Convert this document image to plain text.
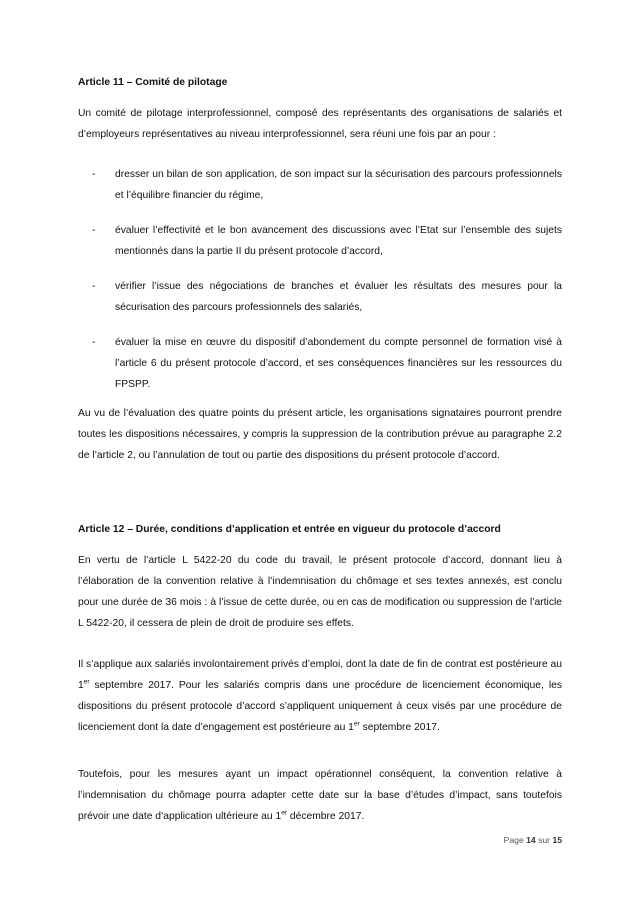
Article 11 – Comité de pilotage

Un comité de pilotage interprofessionnel, composé des représentants des organisations de salariés et d’employeurs représentatives au niveau interprofessionnel, sera réuni une fois par an pour :

- dresser un bilan de son application, de son impact sur la sécurisation des parcours professionnels et l’équilibre financier du régime,

- évaluer l’effectivité et le bon avancement des discussions avec l’Etat sur l’ensemble des sujets mentionnés dans la partie II du présent protocole d’accord,

- vérifier l’issue des négociations de branches et évaluer les résultats des mesures pour la sécurisation des parcours professionnels des salariés,

- évaluer la mise en œuvre du dispositif d’abondement du compte personnel de formation visé à l’article 6 du présent protocole d’accord, et ses conséquences financières sur les ressources du FPSPP.

Au vu de l’évaluation des quatre points du présent article, les organisations signataires pourront prendre toutes les dispositions nécessaires, y compris la suppression de la contribution prévue au paragraphe 2.2 de l’article 2, ou l’annulation de tout ou partie des dispositions du présent protocole d’accord.

Article 12 – Durée, conditions d’application et entrée en vigueur du protocole d’accord

En vertu de l’article L 5422-20 du code du travail, le présent protocole d’accord, donnant lieu à l’élaboration de la convention relative à l’indemnisation du chômage et ses textes annexés, est conclu pour une durée de 36 mois : à l’issue de cette durée, ou en cas de modification ou suppression de l’article L 5422-20, il cessera de plein de droit de produire ses effets.

Il s’applique aux salariés involontairement privés d’emploi, dont la date de fin de contrat est postérieure au 1er septembre 2017. Pour les salariés compris dans une procédure de licenciement économique, les dispositions du présent protocole d’accord s’appliquent uniquement à ceux visés par une procédure de licenciement dont la date d’engagement est postérieure au 1er septembre 2017.

Toutefois, pour les mesures ayant un impact opérationnel conséquent, la convention relative à l’indemnisation du chômage pourra adapter cette date sur la base d’études d’impact, sans toutefois prévoir une date d’application ultérieure au 1er décembre 2017.

Page 14 sur 15
